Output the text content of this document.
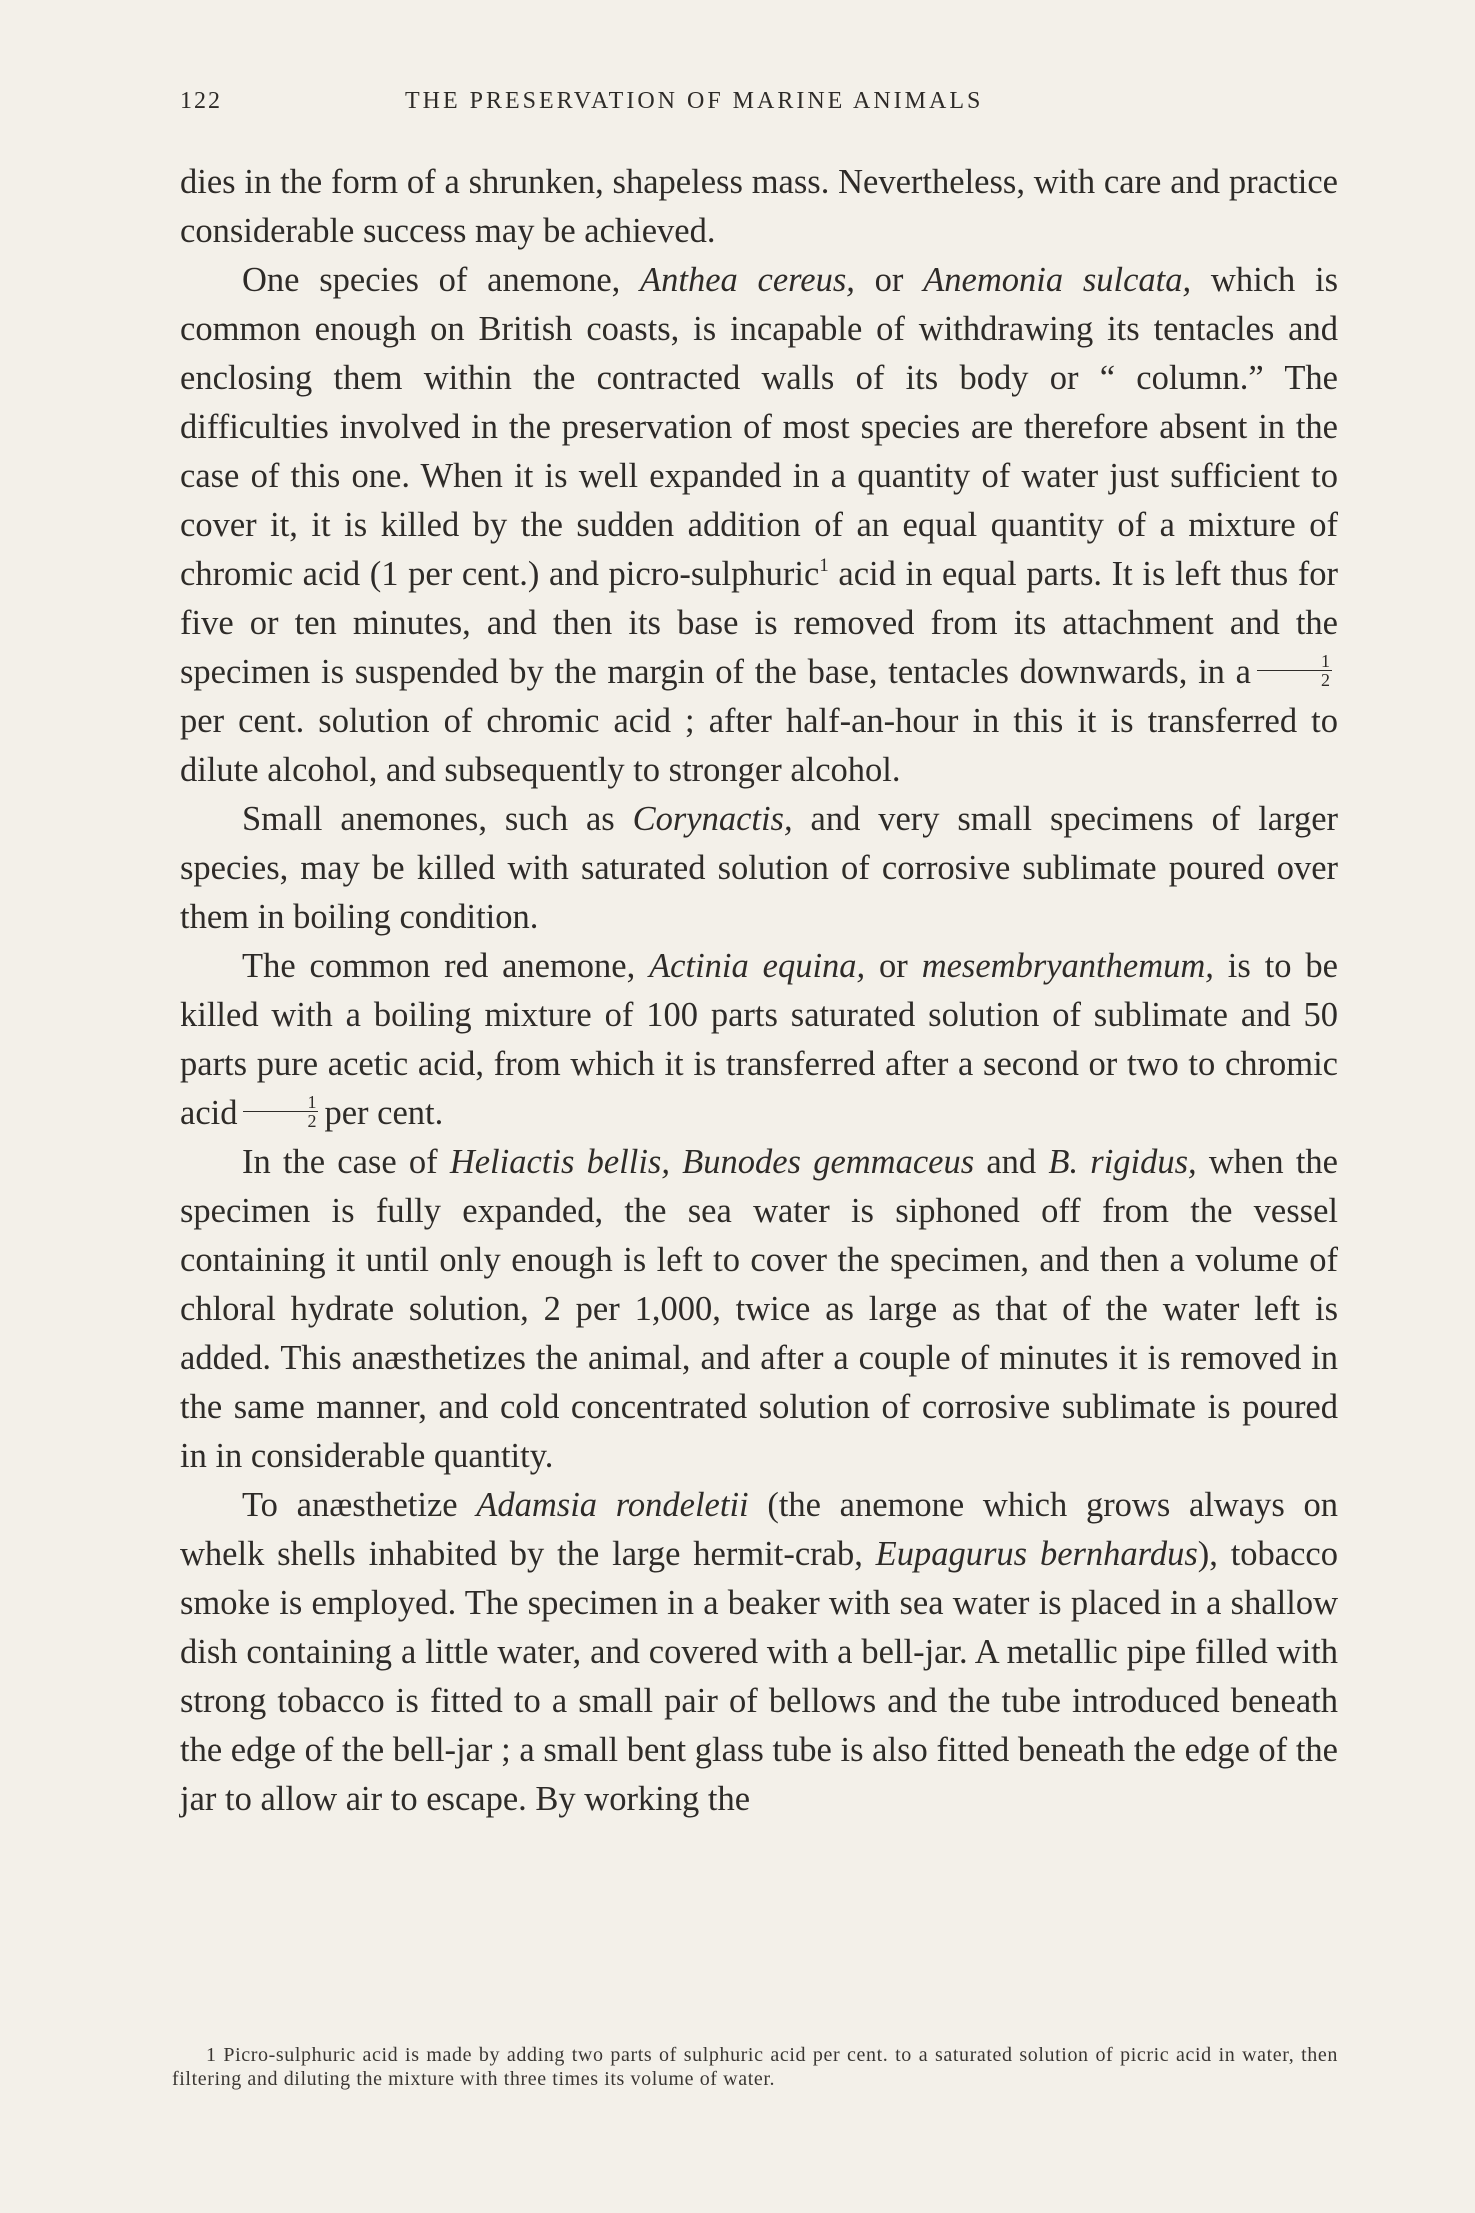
122	THE PRESERVATION OF MARINE ANIMALS

dies in the form of a shrunken, shapeless mass. Nevertheless, with care and practice considerable success may be achieved.

One species of anemone, Anthea cereus, or Anemonia sulcata, which is common enough on British coasts, is incapable of withdrawing its tentacles and enclosing them within the contracted walls of its body or “ column.” The difficulties involved in the preservation of most species are therefore absent in the case of this one. When it is well expanded in a quantity of water just sufficient to cover it, it is killed by the sudden addition of an equal quantity of a mixture of chromic acid (1 per cent.) and picro-sulphuric$^1$ acid in equal parts. It is left thus for five or ten minutes, and then its base is removed from its attachment and the specimen is suspended by the margin of the base, tentacles downwards, in a $\frac{1}{2}$
per cent. solution of chromic acid ; after half-an-hour in this it is transferred to dilute alcohol, and subsequently to stronger alcohol.

Small anemones, such as Corynactis, and very small specimens of larger species, may be killed with saturated solution of corrosive sublimate poured over them in boiling condition.

The common red anemone, Actinia equina, or mesembryanthemum, is to be killed with a boiling mixture of 100 parts saturated solution of sublimate and 50 parts pure acetic acid, from which it is transferred after a second or two to chromic acid $\frac{1}{2}$ per cent.

In the case of Heliactis bellis, Bunodes gemmaceus and B. rigidus, when the specimen is fully expanded, the sea water is siphoned off from the vessel containing it until only enough is left to cover the specimen, and then a volume of chloral hydrate solution, 2 per 1,000, twice as large as that of the water left is added. This anæsthetizes the animal, and after a couple of minutes it is removed in the same manner, and cold concentrated solution of corrosive sublimate is poured in in considerable quantity.

To anæsthetize Adamsia rondeletii (the anemone which grows always on whelk shells inhabited by the large hermit-crab, Eupagurus bernhardus), tobacco smoke is employed. The specimen in a beaker with sea water is placed in a shallow dish containing a little water, and covered with a bell-jar. A metallic pipe filled with strong tobacco is fitted to a small pair of bellows and the tube introduced beneath the edge of the bell-jar ; a small bent glass tube is also fitted beneath the edge of the jar to allow air to escape. By working the

1 Picro-sulphuric acid is made by adding two parts of sulphuric acid per cent. to a saturated solution of picric acid in water, then filtering and diluting the mixture with three times its volume of water.
